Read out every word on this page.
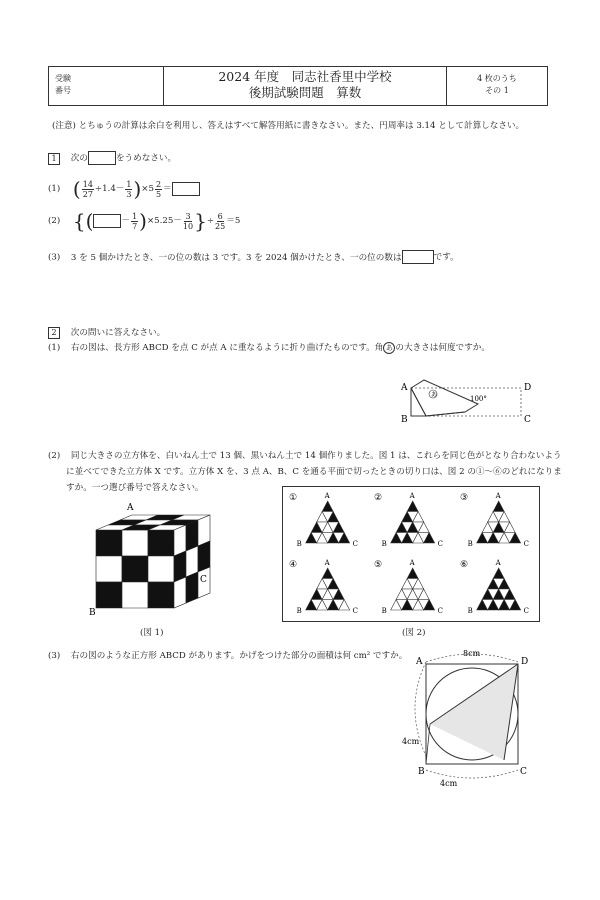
受験
番号
2024 年度　同志社香里中学校
後期試験問題　算数
4 枚のうち
その 1
(注意) とちゅうの計算は余白を利用し、答えはすべて解答用紙に書きなさい。また、円周率は 3.14 として計算しなさい。
1 次の	をうめなさい。
(1) ( $\frac{14}{27} \div 1.4- \frac{1}{3} )\times 5 \frac{2}{5}$ ＝
(2) {(	－ $\frac{1}{7} )\times 5.25- \frac{3}{10}$ }÷ $\frac{6}{25} =5$
(3) 3 を 5 個かけたとき、一の位の数は 3 です。3 を 2024 個かけたとき、一の位の数は	です。
2 次の問いに答えなさい。
(1) 右の図は、長方形 ABCD を点 C が点 A に重なるように折り曲げたものです。角 あ の大きさは何度ですか。
あ
A
B	C
D
100°
(2) 同じ大きさの立方体を、白いねん土で 13 個、黒いねん土で 14 個作りました。図 1 は、これらを同じ色がとなり合わないよう
に並べてできた立方体 X です。立方体 X を、3 点 A、B、C を通る平面で切ったときの切り口は、図 2 の①～⑥のどれになりま
すか。一つ選び番号で答えなさい。
A
B
C
(図 1)
①	A
B	C
②	A
B	C
③	A
B	C
④	A
B	C
⑤	A
B	C
⑥	A
B	C
(図 2)
(3) 右の図のような正方形 ABCD があります。かげをつけた部分の面積は何 cm² ですか。
A	D
B	C
8cm
4cm
4cm
